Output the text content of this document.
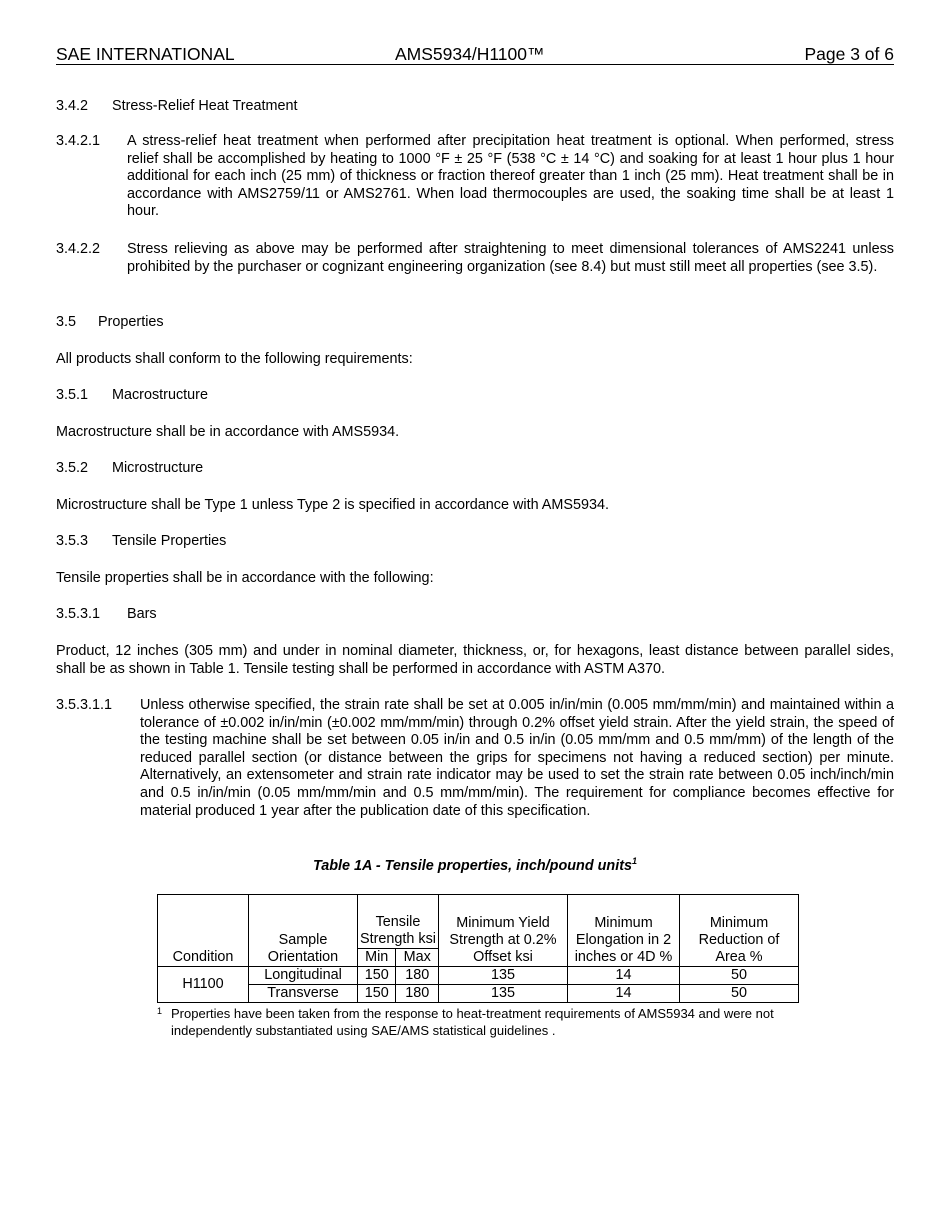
SAE INTERNATIONAL	AMS5934/H1100™	Page 3 of 6
3.4.2 Stress-Relief Heat Treatment

3.4.2.1 A stress-relief heat treatment when performed after precipitation heat treatment is optional. When performed, stress relief shall be accomplished by heating to 1000 °F ± 25 °F (538 °C ± 14 °C) and soaking for at least 1 hour plus 1 hour additional for each inch (25 mm) of thickness or fraction thereof greater than 1 inch (25 mm). Heat treatment shall be in accordance with AMS2759/11 or AMS2761. When load thermocouples are used, the soaking time shall be at least 1 hour.
3.4.2.2 Stress relieving as above may be performed after straightening to meet dimensional tolerances of AMS2241 unless prohibited by the purchaser or cognizant engineering organization (see 8.4) but must still meet all properties (see 3.5).
3.5 Properties

All products shall conform to the following requirements:
3.5.1 Macrostructure

Macrostructure shall be in accordance with AMS5934.
3.5.2 Microstructure

Microstructure shall be Type 1 unless Type 2 is specified in accordance with AMS5934.
3.5.3 Tensile Properties

Tensile properties shall be in accordance with the following:
3.5.3.1 Bars

Product, 12 inches (305 mm) and under in nominal diameter, thickness, or, for hexagons, least distance between parallel sides, shall be as shown in Table 1. Tensile testing shall be performed in accordance with ASTM A370.
3.5.3.1.1 Unless otherwise specified, the strain rate shall be set at 0.005 in/in/min (0.005 mm/mm/min) and maintained within a tolerance of ±0.002 in/in/min (±0.002 mm/mm/min) through 0.2% offset yield strain. After the yield strain, the speed of the testing machine shall be set between 0.05 in/in and 0.5 in/in (0.05 mm/mm and 0.5 mm/mm) of the length of the reduced parallel section (or distance between the grips for specimens not having a reduced section) per minute. Alternatively, an extensometer and strain rate indicator may be used to set the strain rate between 0.05 inch/inch/min and 0.5 in/in/min (0.05 mm/mm/min and 0.5 mm/mm/min). The requirement for compliance becomes effective for material produced 1 year after the publication date of this specification.
Table 1A - Tensile properties, inch/pound units$^1$
Condition	Sample Orientation	Tensile Strength ksi		Minimum Yield Strength at 0.2% Offset ksi	Minimum Elongation in 2 inches or 4D %	Minimum Reduction of Area %
		Min	Max			
H1100	Longitudinal	150	180	135	14	50
	Transverse	150	180	135	14	50
1 Properties have been taken from the response to heat-treatment requirements of AMS5934 and were not independently substantiated using SAE/AMS statistical guidelines .
